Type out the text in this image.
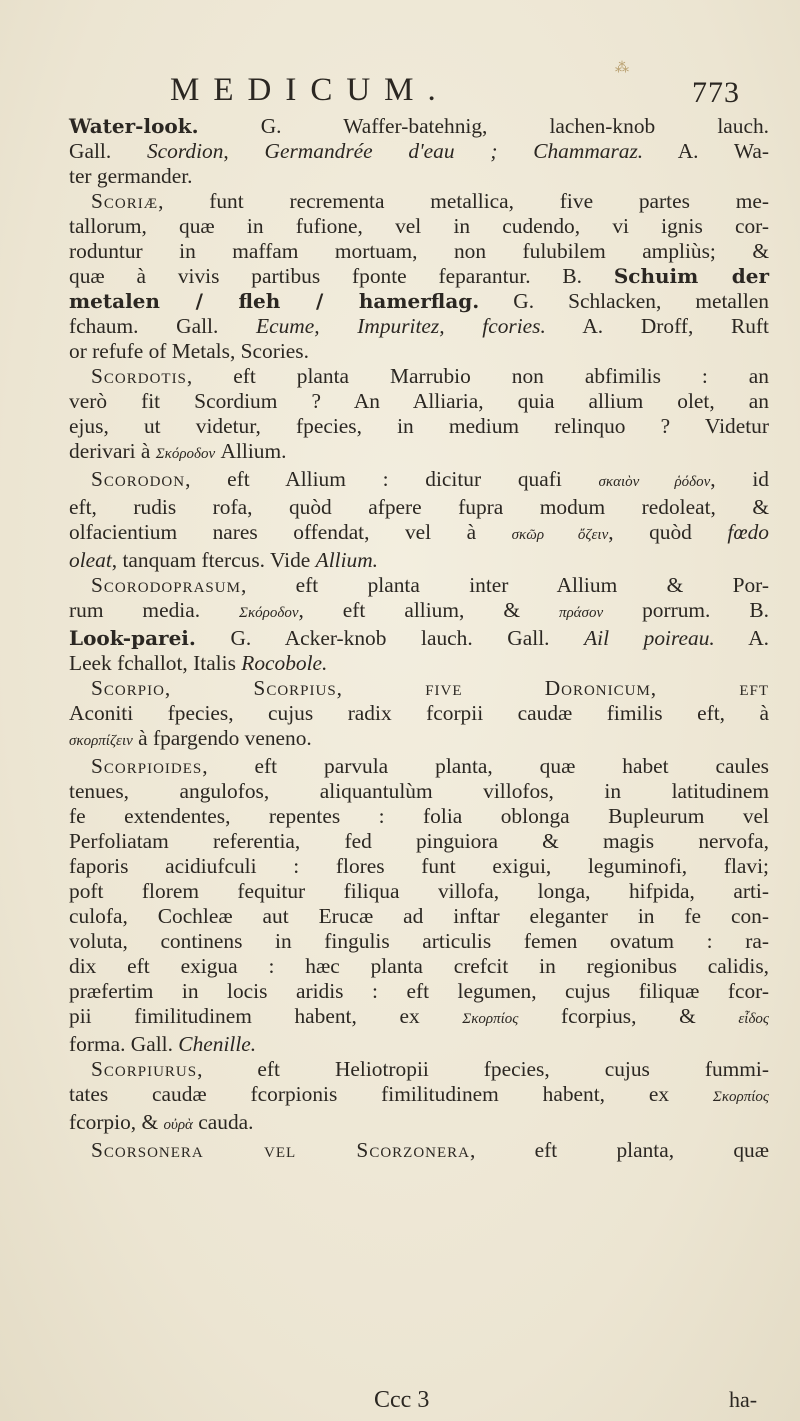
MEDICUM.
⁂
773
Water-look. G. Waffer-batehnig, lachen-knob lauch.
Gall. Scordion, Germandrée d'eau ; Chammaraz. A. Wa-
ter germander.
Scoriæ, funt recrementa metallica, five partes me-
tallorum, quæ in fufione, vel in cudendo, vi ignis cor-
roduntur in maffam mortuam, non fulubilem ampliùs; &
quæ à vivis partibus fponte feparantur. B. Schuim der
metalen / fleh / hamerflag. G. Schlacken, metallen
fchaum. Gall. Ecume, Impuritez, fcories. A. Droff, Ruft
or refufe of Metals, Scories.
Scordotis, eft planta Marrubio non abfimilis : an
verò fit Scordium ? An Alliaria, quia allium olet, an
ejus, ut videtur, fpecies, in medium relinquo ? Videtur
derivari à Σκόροδον Allium.
Scorodon, eft Allium : dicitur quafi σκαιὸν ῥόδον, id
eft, rudis rofa, quòd afpere fupra modum redoleat, &
olfacientium nares offendat, vel à σκῶρ ὄζειν, quòd fœdo
oleat, tanquam ftercus. Vide Allium.
Scorodoprasum, eft planta inter Allium & Por-
rum media. Σκόροδον, eft allium, & πράσον porrum. B.
Look-parei. G. Acker-knob lauch. Gall. Ail poireau. A.
Leek fchallot, Italis Rocobole.
Scorpio, Scorpius, five Doronicum, eft
Aconiti fpecies, cujus radix fcorpii caudæ fimilis eft, à
σκορπίζειν à fpargendo veneno.
Scorpioides, eft parvula planta, quæ habet caules
tenues, angulofos, aliquantulùm villofos, in latitudinem
fe extendentes, repentes : folia oblonga Bupleurum vel
Perfoliatam referentia, fed pinguiora & magis nervofa,
faporis acidiufculi : flores funt exigui, leguminofi, flavi;
poft florem fequitur filiqua villofa, longa, hifpida, arti-
culofa, Cochleæ aut Erucæ ad inftar eleganter in fe con-
voluta, continens in fingulis articulis femen ovatum : ra-
dix eft exigua : hæc planta crefcit in regionibus calidis,
præfertim in locis aridis : eft legumen, cujus filiquæ fcor-
pii fimilitudinem habent, ex Σκορπίος fcorpius, & εἶδος
forma. Gall. Chenille.
Scorpiurus, eft Heliotropii fpecies, cujus fummi-
tates caudæ fcorpionis fimilitudinem habent, ex Σκορπίος
fcorpio, & οὐρὰ cauda.
Scorsonera vel Scorzonera, eft planta, quæ
Ccc 3	ha-
